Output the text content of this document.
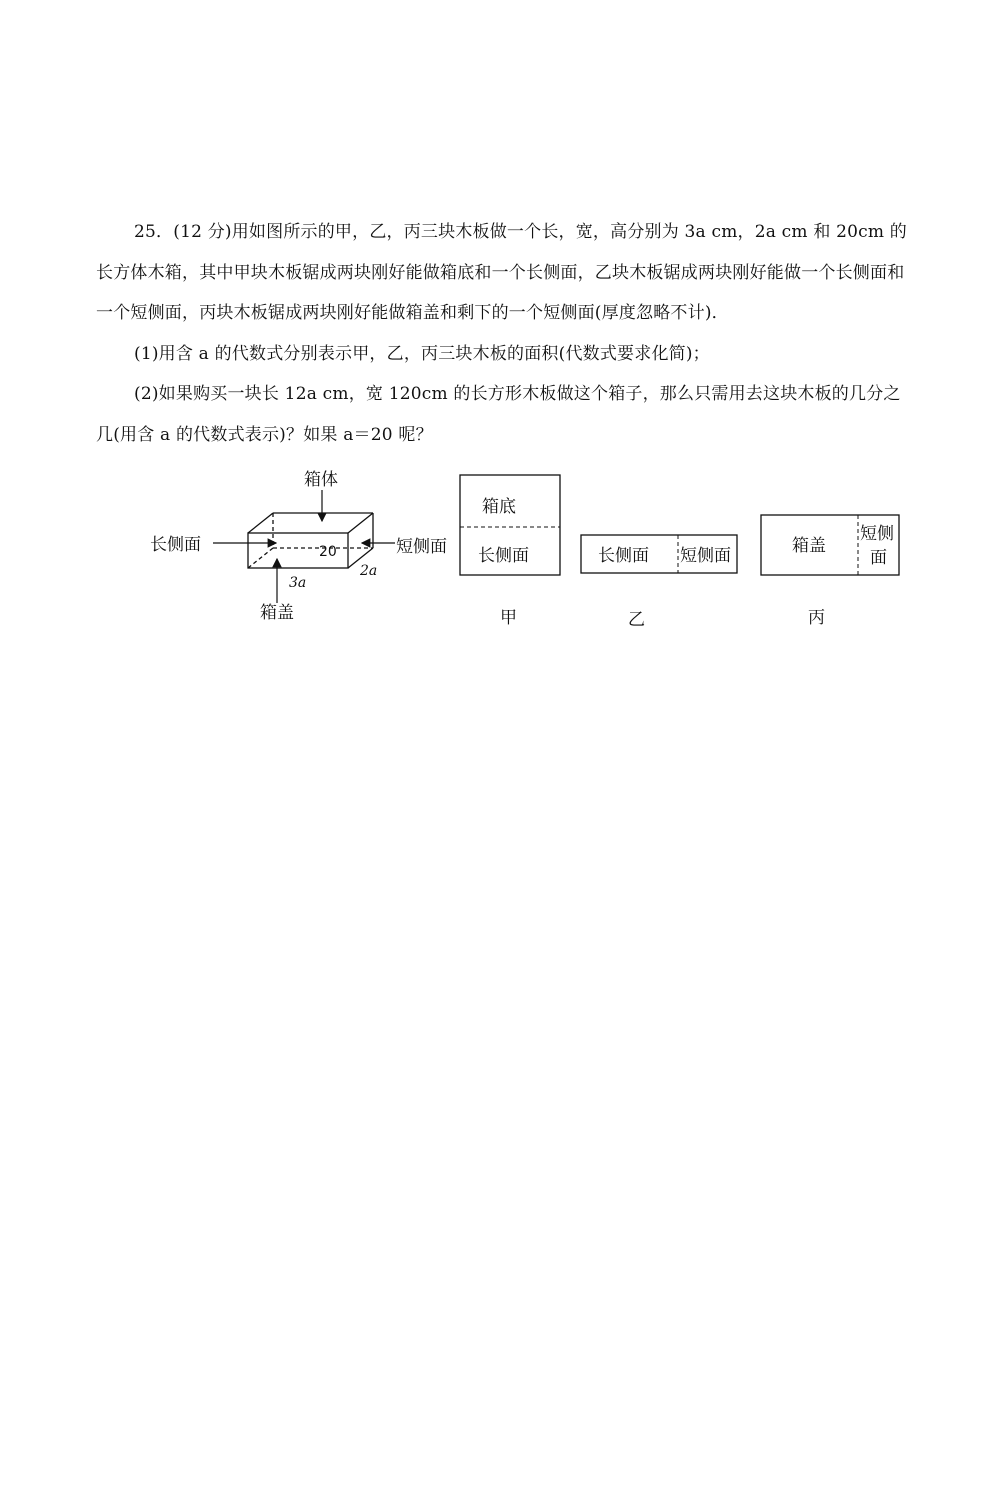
25．(12 分)用如图所示的甲，乙，丙三块木板做一个长，宽，高分别为 3a cm，2a cm 和 20cm 的长方体木箱，其中甲块木板锯成两块刚好能做箱底和一个长侧面，乙块木板锯成两块刚好能做一个长侧面和一个短侧面，丙块木板锯成两块刚好能做箱盖和剩下的一个短侧面(厚度忽略不计)．

(1)用含 a 的代数式分别表示甲，乙，丙三块木板的面积(代数式要求化简)；

(2)如果购买一块长 12a cm，宽 120cm 的长方形木板做这个箱子，那么只需用去这块木板的几分之几(用含 a 的代数式表示)？如果 a＝20 呢？

箱体
长侧面	短侧面
箱盖
20
2a
3a
箱底
长侧面
甲
长侧面 短侧面
乙
箱盖
短侧
面
丙
